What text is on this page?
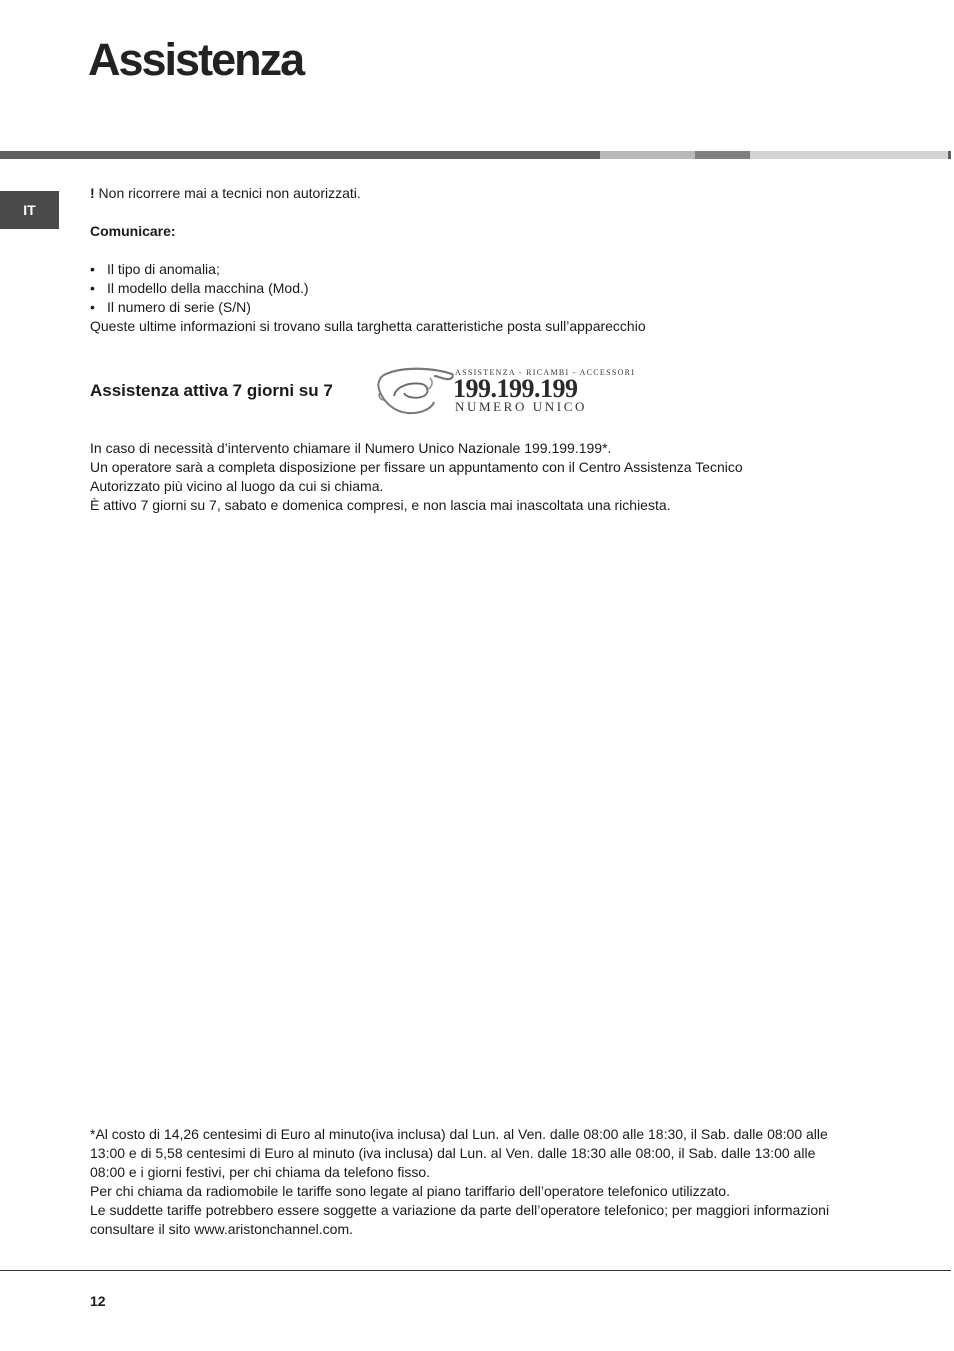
Assistenza
IT

! Non ricorrere mai a tecnici non autorizzati.

Comunicare:

• Il tipo di anomalia;
• Il modello della macchina (Mod.)
• Il numero di serie (S/N)

Queste ultime informazioni si trovano sulla targhetta caratteristiche posta sull’apparecchio

Assistenza attiva 7 giorni su 7
ASSISTENZA - RICAMBI - ACCESSORI
199.199.199
NUMERO UNICO
In caso di necessità d’intervento chiamare il Numero Unico Nazionale 199.199.199*.
Un operatore sarà a completa disposizione per fissare un appuntamento con il Centro Assistenza Tecnico
Autorizzato più vicino al luogo da cui si chiama.
È attivo 7 giorni su 7, sabato e domenica compresi, e non lascia mai inascoltata una richiesta.
*Al costo di 14,26 centesimi di Euro al minuto(iva inclusa) dal Lun. al Ven. dalle 08:00 alle 18:30, il Sab. dalle 08:00 alle
13:00 e di 5,58 centesimi di Euro al minuto (iva inclusa) dal Lun. al Ven. dalle 18:30 alle 08:00, il Sab. dalle 13:00 alle
08:00 e i giorni festivi, per chi chiama da telefono fisso.
Per chi chiama da radiomobile le tariffe sono legate al piano tariffario dell’operatore telefonico utilizzato.
Le suddette tariffe potrebbero essere soggette a variazione da parte dell’operatore telefonico; per maggiori informazioni
consultare il sito www.aristonchannel.com.
12
